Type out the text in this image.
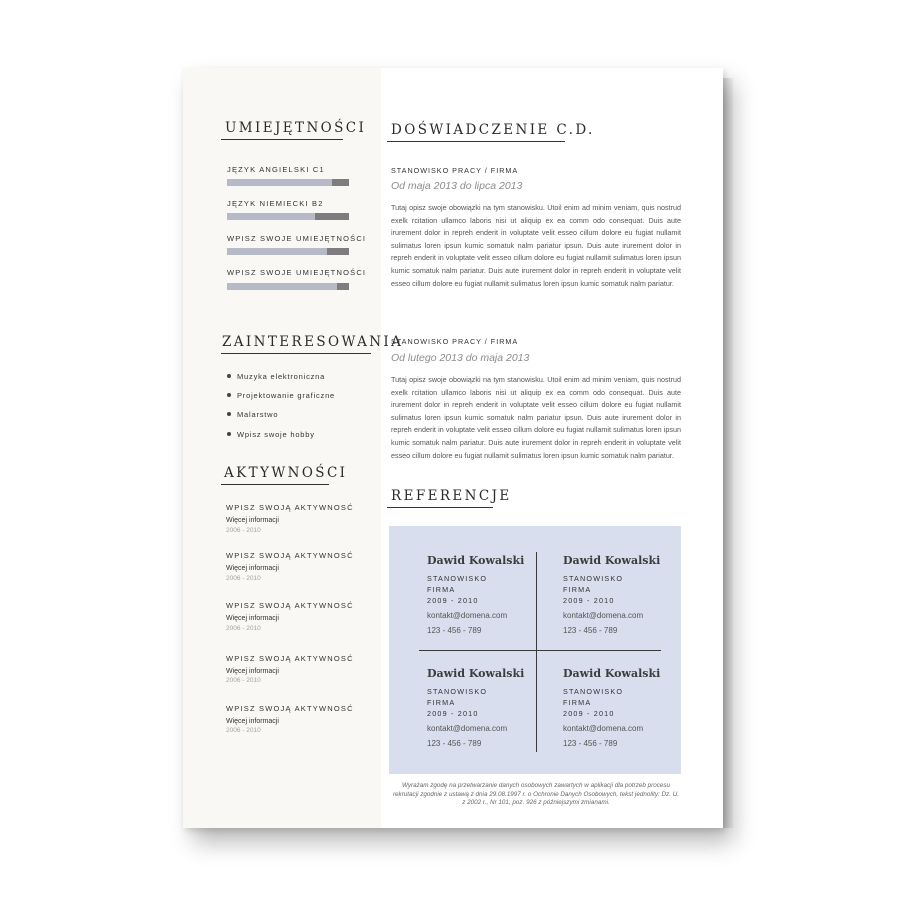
UMIEJĘTNOŚCI
JĘZYK ANGIELSKI C1
JĘZYK NIEMIECKI B2
WPISZ SWOJE UMIEJĘTNOŚCI
WPISZ SWOJE UMIEJĘTNOŚCI
ZAINTERESOWANIA
Muzyka elektroniczna
Projektowanie graficzne
Malarstwo
Wpisz swoje hobby
AKTYWNOŚCI
WPISZ SWOJĄ AKTYWNOSĆ
Więcej informacji
2006 - 2010
WPISZ SWOJĄ AKTYWNOSĆ
Więcej informacji
2006 - 2010
WPISZ SWOJĄ AKTYWNOSĆ
Więcej informacji
2006 - 2010
WPISZ SWOJĄ AKTYWNOSĆ
Więcej informacji
2006 - 2010
WPISZ SWOJĄ AKTYWNOSĆ
Więcej informacji
2006 - 2010
DOŚWIADCZENIE C.D.
STANOWISKO PRACY / FIRMA
Od maja 2013 do lipca 2013
Tutaj opisz swoje obowiązki na tym stanowisku. Utoil enim ad minim veniam, quis nostrud exelk rcitation ullamco laboris nisi ut aliquip ex ea comm odo consequat. Duis aute irurement dolor in repreh enderit in voluptate velit esseo cillum dolore eu fugiat nullamit sulimatus loren ipsun kumic somatuk nalm pariatur ipsun. Duis aute irurement dolor in repreh enderit in voluptate velit esseo cillum dolore eu fugiat nullamit sulimatus loren ipsun kumic somatuk nalm pariatur. Duis aute irurement dolor in repreh enderit in voluptate velit esseo cillum dolore eu fugiat nullamit sulimatus loren ipsun kumic somatuk nalm pariatur.
STANOWISKO PRACY / FIRMA
Od lutego 2013 do maja 2013
Tutaj opisz swoje obowiązki na tym stanowisku. Utoil enim ad minim veniam, quis nostrud exelk rcitation ullamco laboris nisi ut aliquip ex ea comm odo consequat. Duis aute irurement dolor in repreh enderit in voluptate velit esseo cillum dolore eu fugiat nullamit sulimatus loren ipsun kumic somatuk nalm pariatur ipsun. Duis aute irurement dolor in repreh enderit in voluptate velit esseo cillum dolore eu fugiat nullamit sulimatus loren ipsun kumic somatuk nalm pariatur. Duis aute irurement dolor in repreh enderit in voluptate velit esseo cillum dolore eu fugiat nullamit sulimatus loren ipsun kumic somatuk nalm pariatur.
REFERENCJE
Dawid Kowalski
STANOWISKO
FIRMA
2009 - 2010
kontakt@domena.com
123 - 456 - 789
Dawid Kowalski
STANOWISKO
FIRMA
2009 - 2010
kontakt@domena.com
123 - 456 - 789
Dawid Kowalski
STANOWISKO
FIRMA
2009 - 2010
kontakt@domena.com
123 - 456 - 789
Dawid Kowalski
STANOWISKO
FIRMA
2009 - 2010
kontakt@domena.com
123 - 456 - 789
Wyrażam zgodę na przetwarzanie danych osobowych zawartych w aplikacji dla potrzeb procesu rekrutacji zgodnie z ustawą z dnia 29.08.1997 r. o Ochronie Danych Osobowych, tekst jednolity: Dz. U. z 2002 r., Nr 101, poz. 926 z późniejszymi zmianami.
